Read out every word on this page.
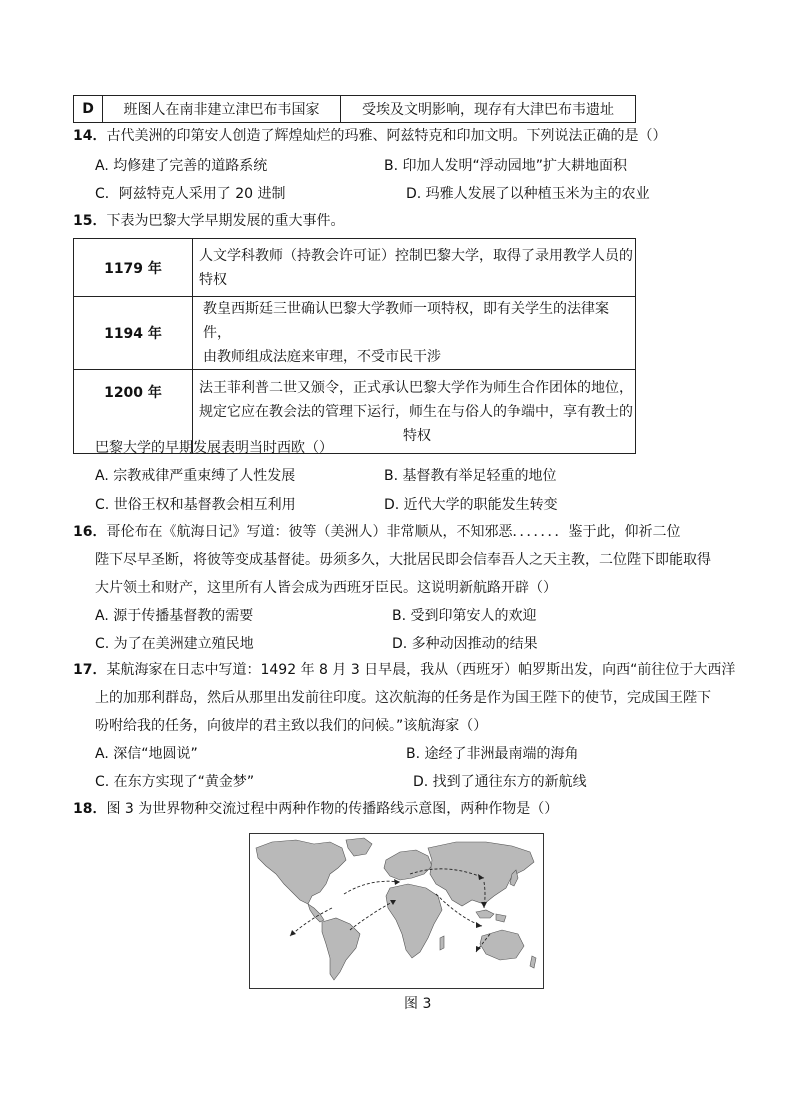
D	班图人在南非建立津巴布韦国家	受埃及文明影响，现存有大津巴布韦遗址
14．古代美洲的印第安人创造了辉煌灿烂的玛雅、阿兹特克和印加文明。下列说法正确的是（）
A. 均修建了完善的道路系统	B. 印加人发明“浮动园地”扩大耕地面积
C．阿兹特克人采用了 20 进制	D. 玛雅人发展了以种植玉米为主的农业
15．下表为巴黎大学早期发展的重大事件。
1179 年	人文学科教师（持教会许可证）控制巴黎大学，取得了录用教学人员的
特权

1194 年	教皇西斯廷三世确认巴黎大学教师一项特权，即有关学生的法律案件，
由教师组成法庭来审理，不受市民干涉

1200 年	法王菲利普二世又颁令，正式承认巴黎大学作为师生合作团体的地位，
规定它应在教会法的管理下运行，师生在与俗人的争端中，享有教士的
特权
巴黎大学的早期发展表明当时西欧（）
A. 宗教戒律严重束缚了人性发展	B. 基督教有举足轻重的地位
C. 世俗王权和基督教会相互利用	D. 近代大学的职能发生转变
16．哥伦布在《航海日记》写道：彼等（美洲人）非常顺从，不知邪恶．．．．．．．鉴于此，仰祈二位
陛下尽早圣断，将彼等变成基督徒。毋须多久，大批居民即会信奉吾人之天主教，二位陛下即能取得
大片领土和财产，这里所有人皆会成为西班牙臣民。这说明新航路开辟（）
A. 源于传播基督教的需要	B. 受到印第安人的欢迎
C. 为了在美洲建立殖民地	D. 多种动因推动的结果
17．某航海家在日志中写道：1492 年 8 月 3 日早晨，我从（西班牙）帕罗斯出发，向西“前往位于大西洋
上的加那利群岛，然后从那里出发前往印度。这次航海的任务是作为国王陛下的使节，完成国王陛下
吩咐给我的任务，向彼岸的君主致以我们的问候。”该航海家（）
A. 深信“地圆说”	B. 途经了非洲最南端的海角
C. 在东方实现了“黄金梦”	D. 找到了通往东方的新航线
18．图 3 为世界物种交流过程中两种作物的传播路线示意图，两种作物是（）
图 3
